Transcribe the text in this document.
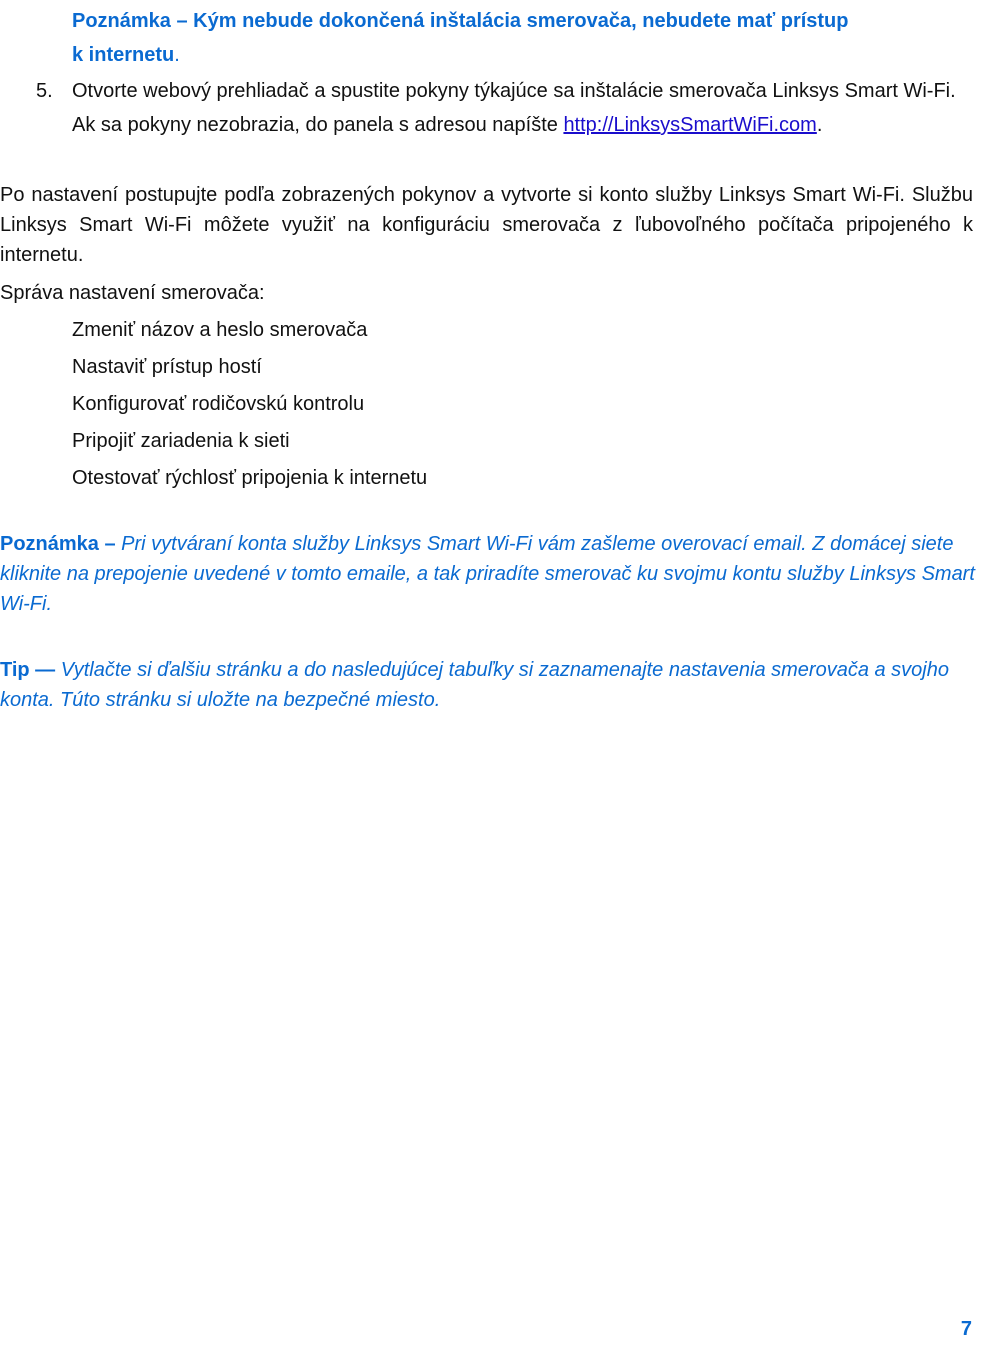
Poznámka – Kým nebude dokončená inštalácia smerovača, nebudete mať prístup
k internetu.
5. Otvorte webový prehliadač a spustite pokyny týkajúce sa inštalácie smerovača Linksys Smart Wi-Fi. Ak sa pokyny nezobrazia, do panela s adresou napíšte http://LinksysSmartWiFi.com.

Po nastavení postupujte podľa zobrazených pokynov a vytvorte si konto služby Linksys Smart Wi-Fi. Službu Linksys Smart Wi-Fi môžete využiť na konfiguráciu smerovača z ľubovoľného počítača pripojeného k internetu.

Správa nastavení smerovača:
Zmeniť názov a heslo smerovača
Nastaviť prístup hostí
Konfigurovať rodičovskú kontrolu
Pripojiť zariadenia k sieti
Otestovať rýchlosť pripojenia k internetu

Poznámka – Pri vytváraní konta služby Linksys Smart Wi-Fi vám zašleme overovací email. Z domácej siete kliknite na prepojenie uvedené v tomto emaile, a tak priradíte smerovač ku svojmu kontu služby Linksys Smart Wi-Fi.

Tip — Vytlačte si ďalšiu stránku a do nasledujúcej tabuľky si zaznamenajte nastavenia smerovača a svojho konta. Túto stránku si uložte na bezpečné miesto.

7
